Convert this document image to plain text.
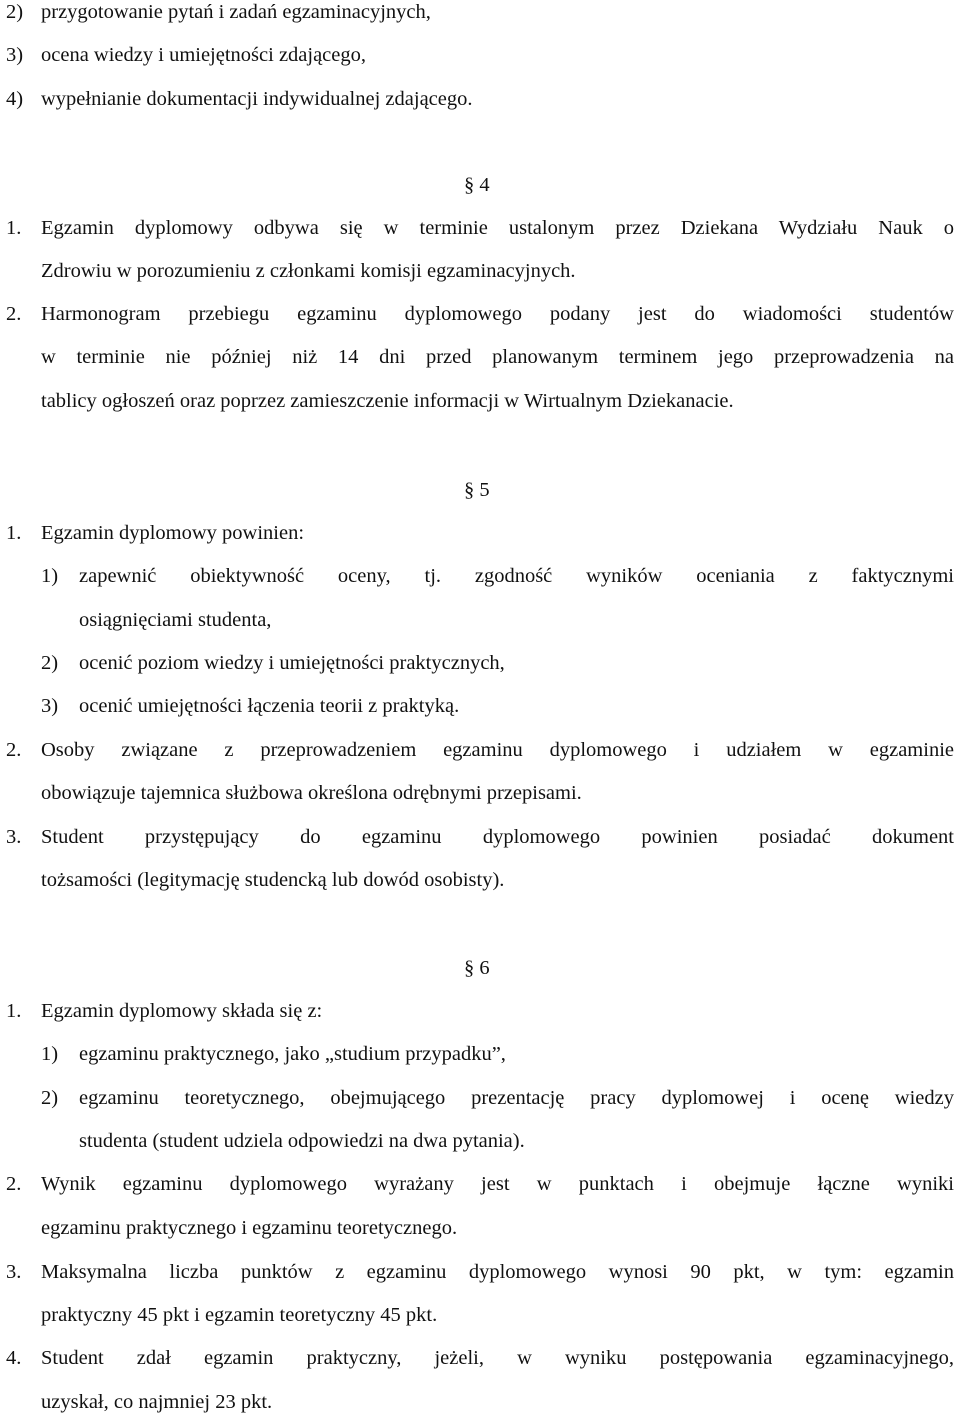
2) przygotowanie pytań i zadań egzaminacyjnych,
3) ocena wiedzy i umiejętności zdającego,
4) wypełnianie dokumentacji indywidualnej zdającego.
§ 4
1. Egzamin dyplomowy odbywa się w terminie ustalonym przez Dziekana Wydziału Nauk o
Zdrowiu w porozumieniu z członkami komisji egzaminacyjnych.
2. Harmonogram przebiegu egzaminu dyplomowego podany jest do wiadomości studentów
w terminie nie później niż 14 dni przed planowanym terminem jego przeprowadzenia na
tablicy ogłoszeń oraz poprzez zamieszczenie informacji w Wirtualnym Dziekanacie.
§ 5
1. Egzamin dyplomowy powinien:
1) zapewnić obiektywność oceny, tj. zgodność wyników oceniania z faktycznymi
osiągnięciami studenta,
2) ocenić poziom wiedzy i umiejętności praktycznych,
3) ocenić umiejętności łączenia teorii z praktyką.
2. Osoby związane z przeprowadzeniem egzaminu dyplomowego i udziałem w egzaminie
obowiązuje tajemnica służbowa określona odrębnymi przepisami.
3. Student przystępujący do egzaminu dyplomowego powinien posiadać dokument
tożsamości (legitymację studencką lub dowód osobisty).
§ 6
1. Egzamin dyplomowy składa się z:
1) egzaminu praktycznego, jako „studium przypadku”,
2) egzaminu teoretycznego, obejmującego prezentację pracy dyplomowej i ocenę wiedzy
studenta (student udziela odpowiedzi na dwa pytania).
2. Wynik egzaminu dyplomowego wyrażany jest w punktach i obejmuje łączne wyniki
egzaminu praktycznego i egzaminu teoretycznego.
3. Maksymalna liczba punktów z egzaminu dyplomowego wynosi 90 pkt, w tym: egzamin
praktyczny 45 pkt i egzamin teoretyczny 45 pkt.
4. Student zdał egzamin praktyczny, jeżeli, w wyniku postępowania egzaminacyjnego,
uzyskał, co najmniej 23 pkt.
